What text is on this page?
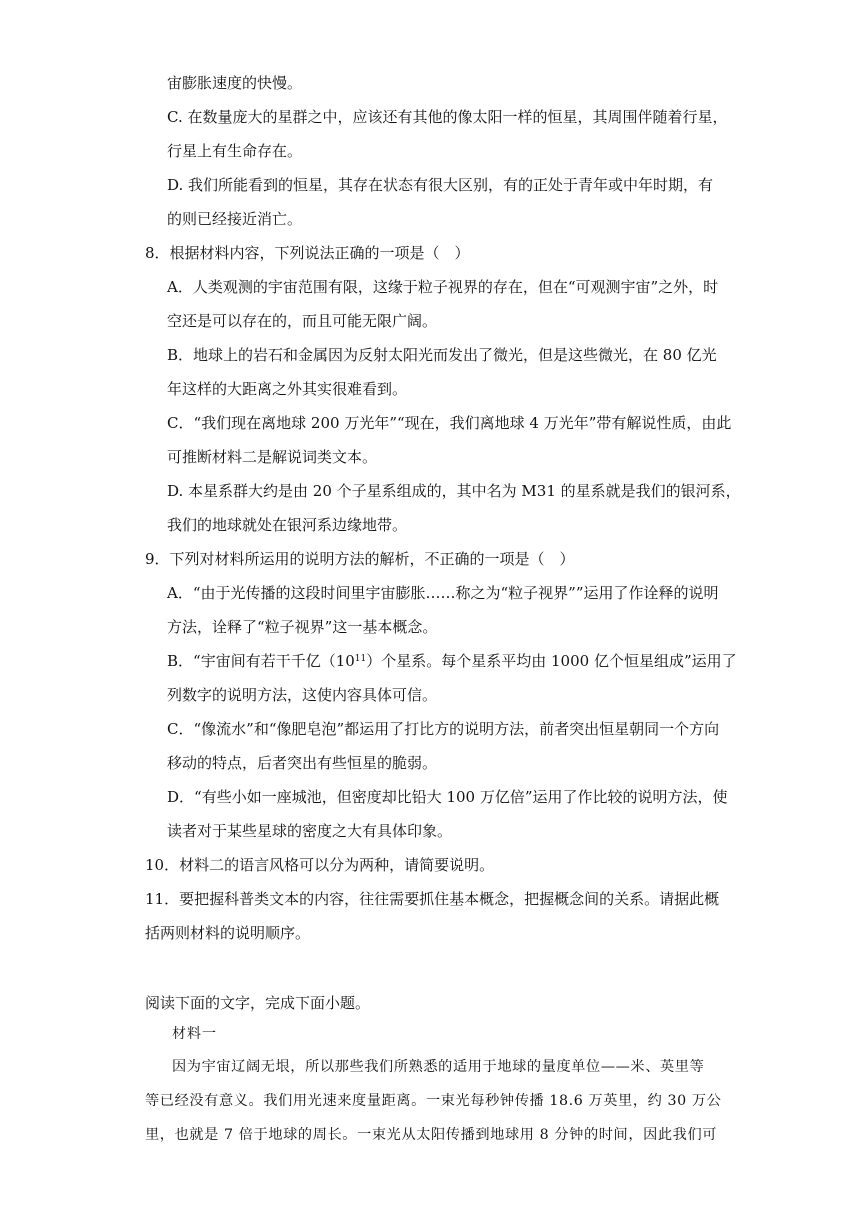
宙膨胀速度的快慢。
C. 在数量庞大的星群之中，应该还有其他的像太阳一样的恒星，其周围伴随着行星，
行星上有生命存在。
D. 我们所能看到的恒星，其存在状态有很大区别，有的正处于青年或中年时期，有
的则已经接近消亡。
8．根据材料内容，下列说法正确的一项是（　）
A．人类观测的宇宙范围有限，这缘于粒子视界的存在，但在“可观测宇宙”之外，时
空还是可以存在的，而且可能无限广阔。
B．地球上的岩石和金属因为反射太阳光而发出了微光，但是这些微光，在 80 亿光
年这样的大距离之外其实很难看到。
C．“我们现在离地球 200 万光年”“现在，我们离地球 4 万光年”带有解说性质，由此
可推断材料二是解说词类文本。
D. 本星系群大约是由 20 个子星系组成的，其中名为 M31 的星系就是我们的银河系，
我们的地球就处在银河系边缘地带。
9．下列对材料所运用的说明方法的解析，不正确的一项是（　）
A．“由于光传播的这段时间里宇宙膨胀……称之为“粒子视界””运用了作诠释的说明
方法，诠释了“粒子视界”这一基本概念。
B．“宇宙间有若干千亿$(10^{11})$个星系。每个星系平均由 1000 亿个恒星组成”运用了
列数字的说明方法，这使内容具体可信。
C．“像流水”和“像肥皂泡”都运用了打比方的说明方法，前者突出恒星朝同一个方向
移动的特点，后者突出有些恒星的脆弱。
D．“有些小如一座城池，但密度却比铅大 100 万亿倍”运用了作比较的说明方法，使
读者对于某些星球的密度之大有具体印象。
10．材料二的语言风格可以分为两种，请简要说明。
11．要把握科普类文本的内容，往往需要抓住基本概念，把握概念间的关系。请据此概
括两则材料的说明顺序。
阅读下面的文字，完成下面小题。
材料一
因为宇宙辽阔无垠，所以那些我们所熟悉的适用于地球的量度单位——米、英里等
等已经没有意义。我们用光速来度量距离。一束光每秒钟传播 18.6 万英里，约 30 万公
里，也就是 7 倍于地球的周长。一束光从太阳传播到地球用 8 分钟的时间，因此我们可
